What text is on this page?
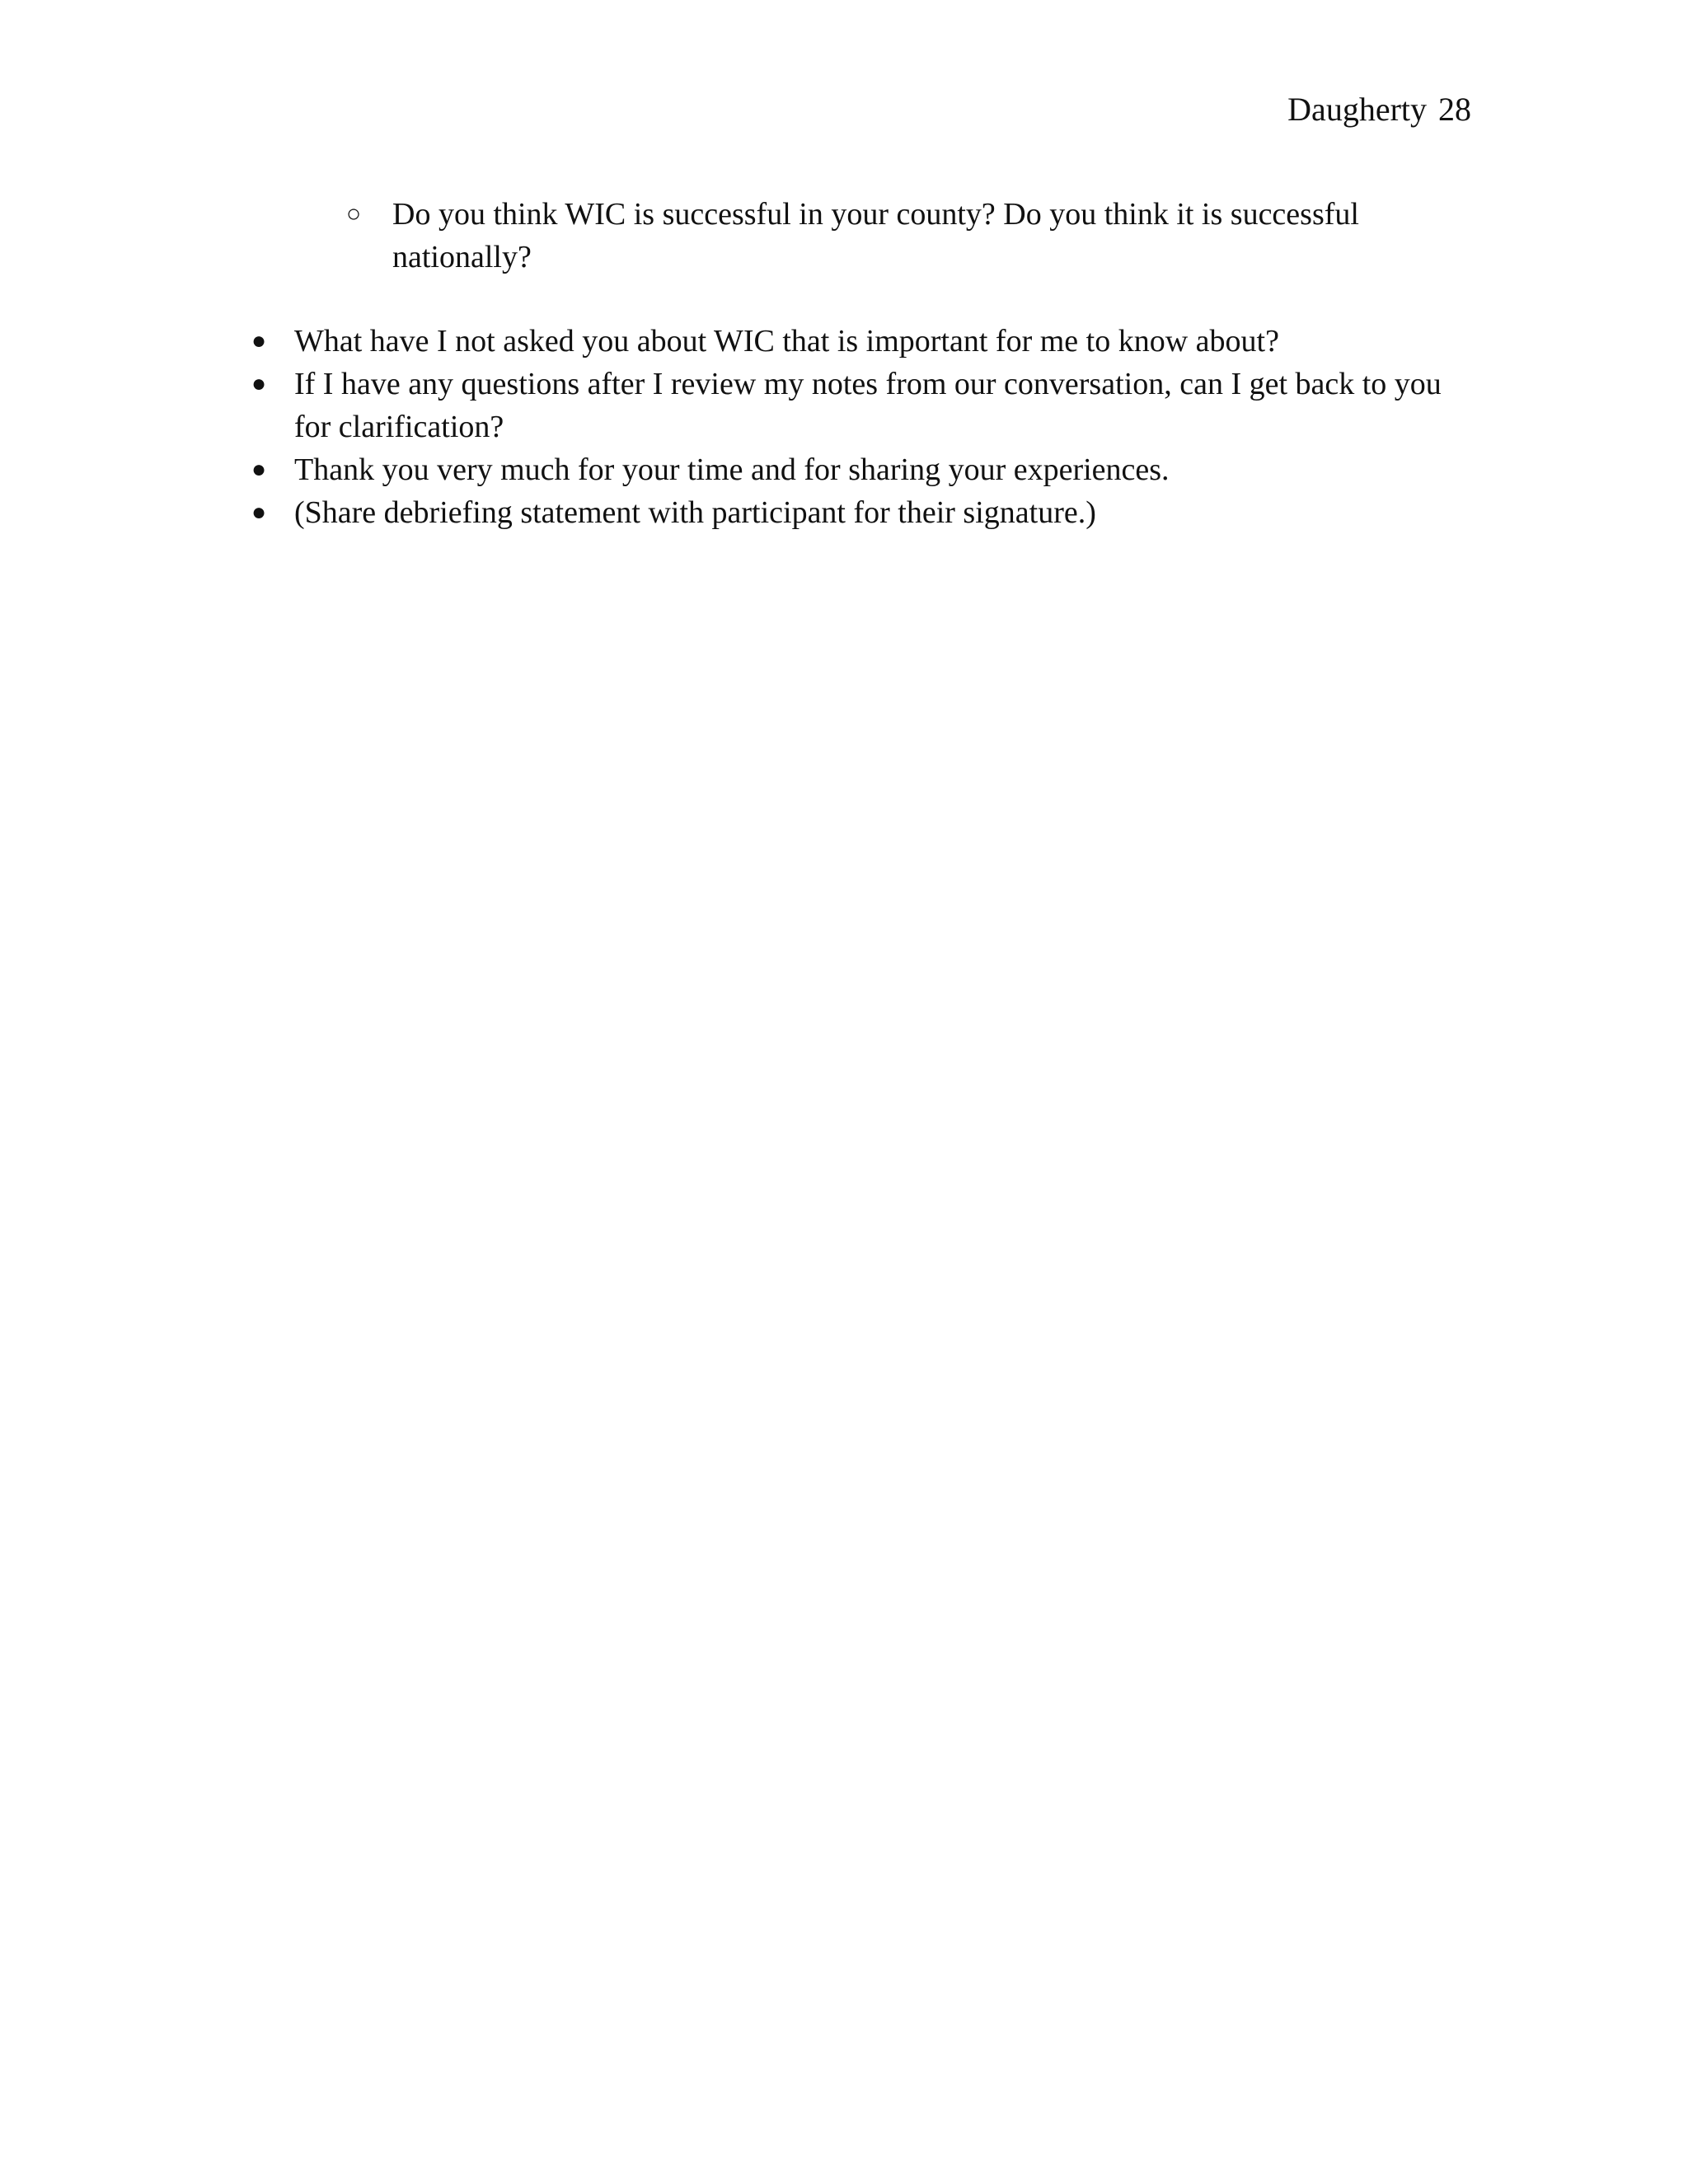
Daugherty 28
○ Do you think WIC is successful in your county? Do you think it is successful nationally?
● What have I not asked you about WIC that is important for me to know about?
● If I have any questions after I review my notes from our conversation, can I get back to you for clarification?
● Thank you very much for your time and for sharing your experiences.
● (Share debriefing statement with participant for their signature.)
